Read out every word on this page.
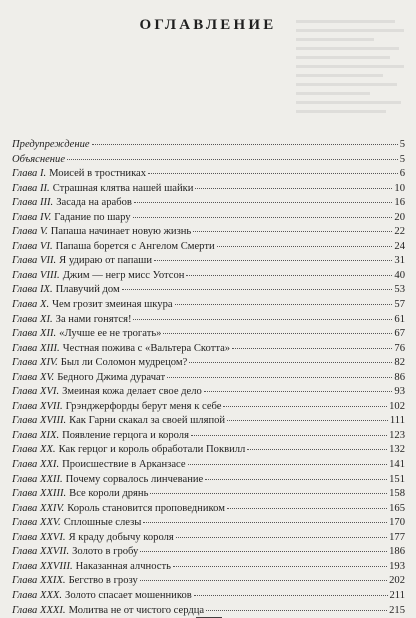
ОГЛАВЛЕНИЕ
Предупреждение	5
Объяснение	5
Глава I. Моисей в тростниках	6
Глава II. Страшная клятва нашей шайки	10
Глава III. Засада на арабов	16
Глава IV. Гадание по шару	20
Глава V. Папаша начинает новую жизнь	22
Глава VI. Папаша борется с Ангелом Смерти	24
Глава VII. Я удираю от папаши	31
Глава VIII. Джим — негр мисс Уотсон	40
Глава IX. Плавучий дом	53
Глава X. Чем грозит змеиная шкура	57
Глава XI. За нами гонятся!	61
Глава XII. «Лучше ее не трогать»	67
Глава XIII. Честная пожива с «Вальтера Скотта»	76
Глава XIV. Был ли Соломон мудрецом?	82
Глава XV. Бедного Джима дурачат	86
Глава XVI. Змеиная кожа делает свое дело	93
Глава XVII. Грэнджерфорды берут меня к себе	102
Глава XVIII. Как Гарни скакал за своей шляпой	111
Глава XIX. Появление герцога и короля	123
Глава XX. Как герцог и король обработали Поквилл	132
Глава XXI. Происшествие в Арканзасе	141
Глава XXII. Почему сорвалось линчевание	151
Глава XXIII. Все короли дрянь	158
Глава XXIV. Король становится проповедником	165
Глава XXV. Сплошные слезы	170
Глава XXVI. Я краду добычу короля	177
Глава XXVII. Золото в гробу	186
Глава XXVIII. Наказанная алчность	193
Глава XXIX. Бегство в грозу	202
Глава XXX. Золото спасает мошенников	211
Глава XXXI. Молитва не от чистого сердца	215
